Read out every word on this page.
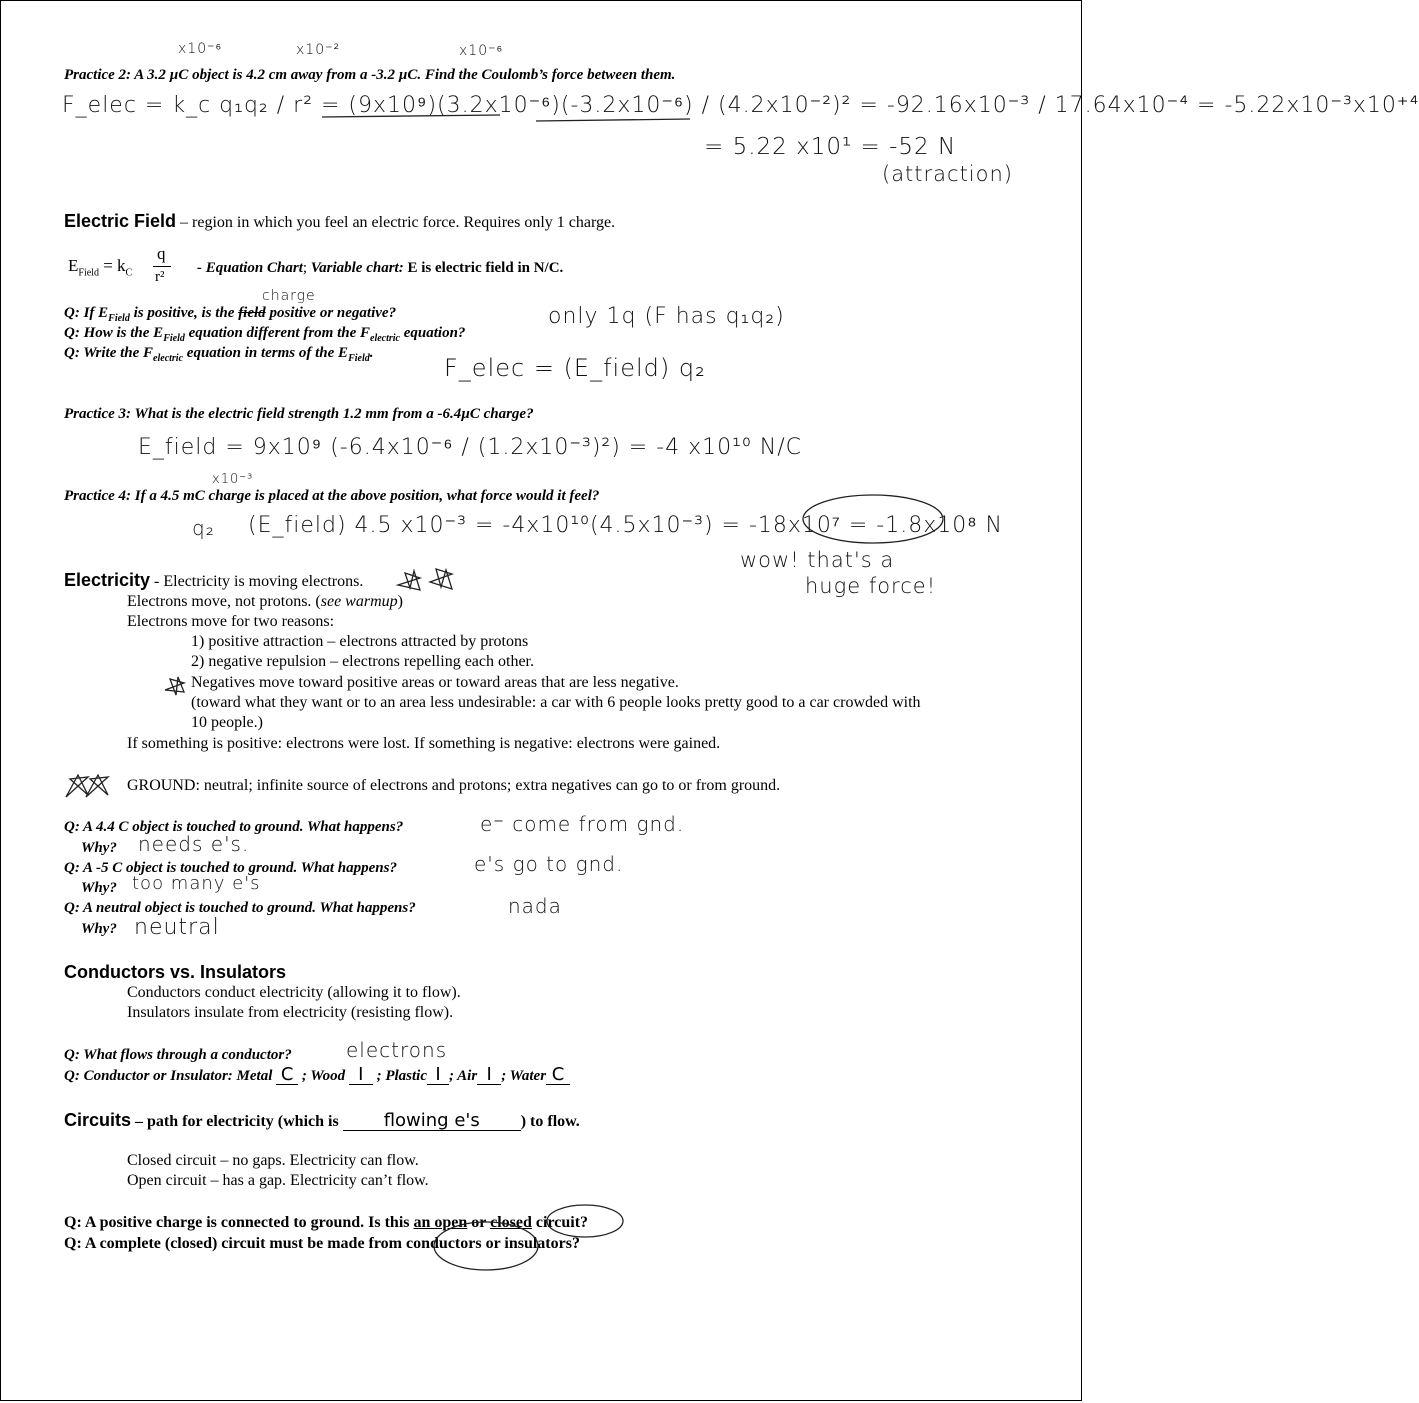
x10⁻⁶	x10⁻²	x10⁻⁶
Practice 2: A 3.2 µC object is 4.2 cm away from a -3.2 µC. Find the Coulomb’s force between them.
F_elec = k_c q₁q₂ / r² = (9x10⁹)(3.2x10⁻⁶)(-3.2x10⁻⁶) / (4.2x10⁻²)² = -92.16x10⁻³ / 17.64x10⁻⁴ = -5.22x10⁻³x10⁺⁴
= 5.22 x10¹ = -52 N
(attraction)
Electric Field – region in which you feel an electric force. Requires only 1 charge.
$E_{Field} = k_C$
q
r²
- Equation Chart; Variable chart: E is electric field in N/C.
charge
Q: If $E_{Field}$ is positive, is the field positive or negative?
Q: How is the $E_{Field}$ equation different from the $F_{electric}$ equation?
only 1q (F has q₁q₂)
Q: Write the $F_{electric}$ equation in terms of the $E_{Field}$.
F_elec = (E_field) q₂
Practice 3: What is the electric field strength 1.2 mm from a -6.4µC charge?
E_field = 9x10⁹ (-6.4x10⁻⁶ / (1.2x10⁻³)²) = -4 x10¹⁰ N/C
x10⁻³
Practice 4: If a 4.5 mC charge is placed at the above position, what force would it feel?
q₂ (E_field) 4.5 x10⁻³ = -4x10¹⁰(4.5x10⁻³) = -18x10⁷ = -1.8x10⁸ N
wow! that's a
huge force!
Electricity - Electricity is moving electrons.
Electrons move, not protons. (see warmup)
Electrons move for two reasons:
1) positive attraction – electrons attracted by protons
2) negative repulsion – electrons repelling each other.
Negatives move toward positive areas or toward areas that are less negative.
(toward what they want or to an area less undesirable: a car with 6 people looks pretty good to a car crowded with
10 people.)
If something is positive: electrons were lost. If something is negative: electrons were gained.
GROUND: neutral; infinite source of electrons and protons; extra negatives can go to or from ground.
Q: A 4.4 C object is touched to ground. What happens?	e⁻ come from gnd.
Why? needs e's.
Q: A -5 C object is touched to ground. What happens?	e's go to gnd.
Why? too many e's
Q: A neutral object is touched to ground. What happens?	nada
Why? neutral
Conductors vs. Insulators
Conductors conduct electricity (allowing it to flow).
Insulators insulate from electricity (resisting flow).
Q: What flows through a conductor?	electrons
Q: Conductor or Insulator: Metal C ; Wood I ; Plastic I ; Air I ; Water C
Circuits – path for electricity (which is flowing e's	) to flow.
Closed circuit – no gaps. Electricity can flow.
Open circuit – has a gap. Electricity can’t flow.
Q: A positive charge is connected to ground. Is this an open or closed circuit?
Q: A complete (closed) circuit must be made from conductors or insulators?
